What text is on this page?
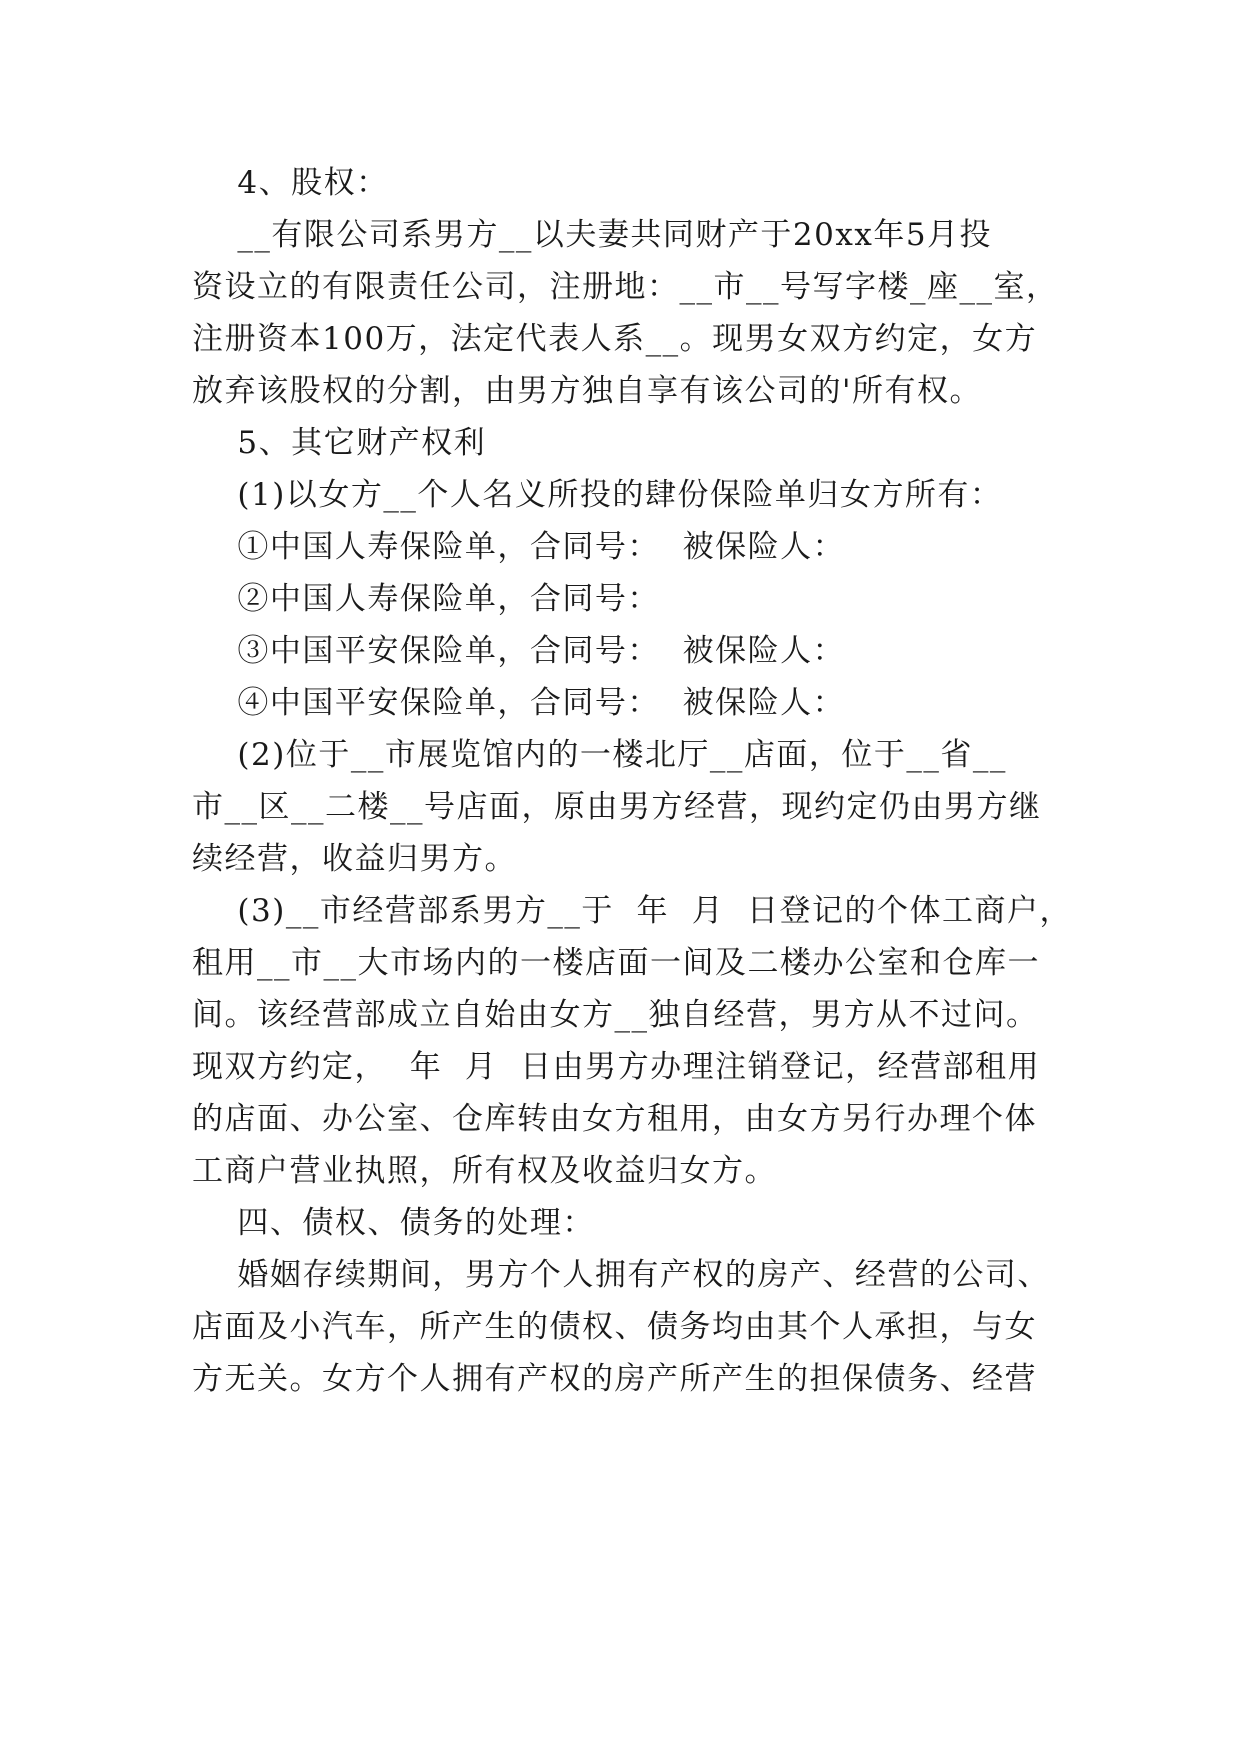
4、股权：
__有限公司系男方__以夫妻共同财产于20xx年5月投
资设立的有限责任公司，注册地：__市__号写字楼_座__室，
注册资本100万，法定代表人系__。现男女双方约定，女方
放弃该股权的分割，由男方独自享有该公司的'所有权。
5、其它财产权利
(1)以女方__个人名义所投的肆份保险单归女方所有：
①中国人寿保险单，合同号：  被保险人：
②中国人寿保险单，合同号：
③中国平安保险单，合同号：  被保险人：
④中国平安保险单，合同号：  被保险人：
(2)位于__市展览馆内的一楼北厅__店面，位于__省__
市__区__二楼__号店面，原由男方经营，现约定仍由男方继
续经营，收益归男方。
(3)__市经营部系男方__于  年  月  日登记的个体工商户，
租用__市__大市场内的一楼店面一间及二楼办公室和仓库一
间。该经营部成立自始由女方__独自经营，男方从不过问。
现双方约定，  年  月  日由男方办理注销登记，经营部租用
的店面、办公室、仓库转由女方租用，由女方另行办理个体
工商户营业执照，所有权及收益归女方。
四、债权、债务的处理：
婚姻存续期间，男方个人拥有产权的房产、经营的公司、
店面及小汽车，所产生的债权、债务均由其个人承担，与女
方无关。女方个人拥有产权的房产所产生的担保债务、经营
